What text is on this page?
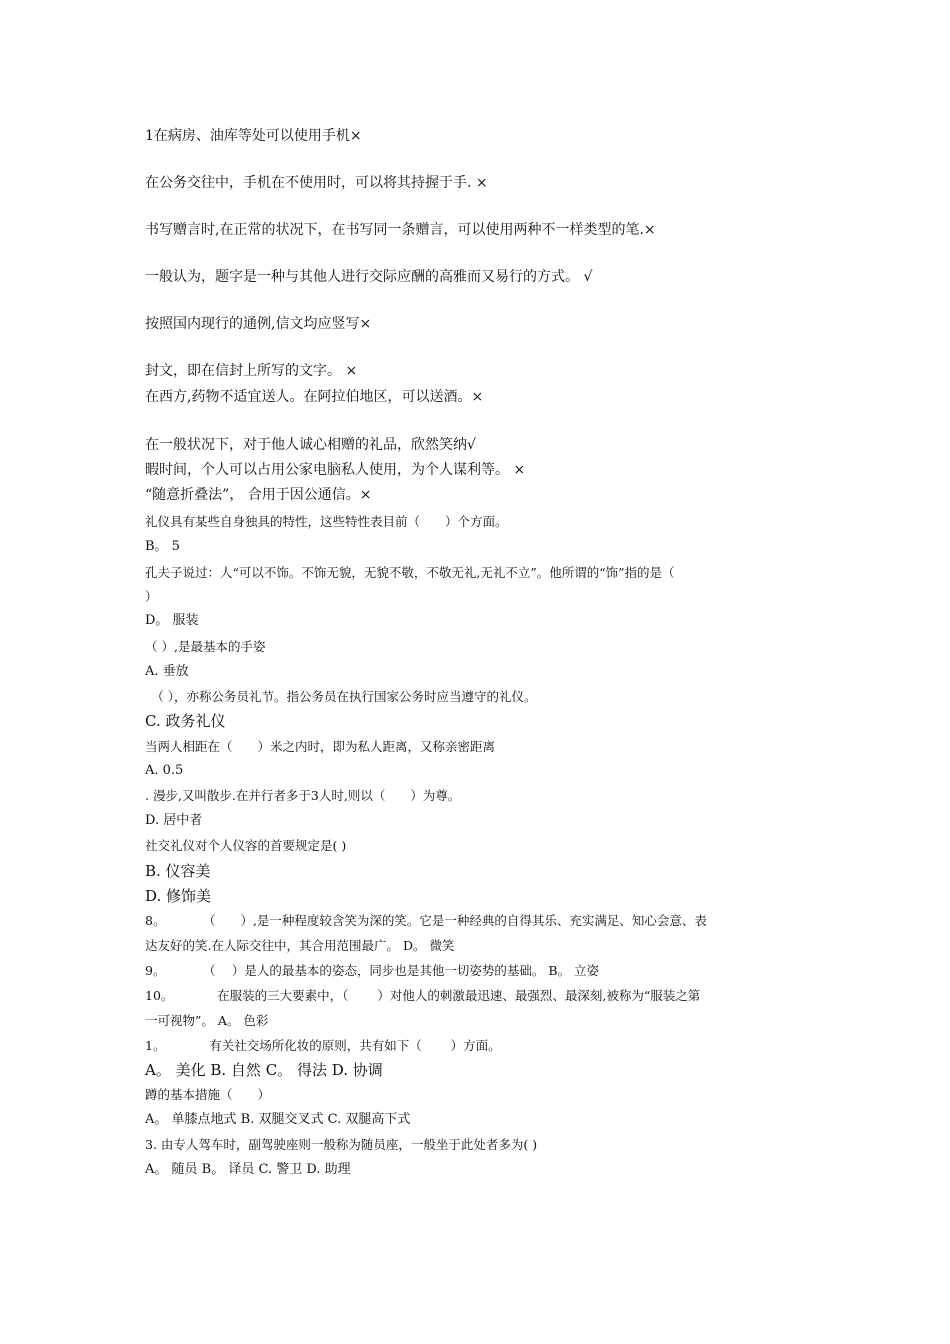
1在病房、油库等处可以使用手机×
在公务交往中，手机在不使用时，可以将其持握于手. ×
书写赠言时,在正常的状况下，在书写同一条赠言，可以使用两种不一样类型的笔.×
一般认为，题字是一种与其他人进行交际应酬的高雅而又易行的方式。 √
按照国内现行的通例,信文均应竖写×
封文，即在信封上所写的文字。 ×
在西方,药物不适宜送人。在阿拉伯地区，可以送酒。×
在一般状况下，对于他人诚心相赠的礼品，欣然笑纳√
暇时间，个人可以占用公家电脑私人使用，为个人谋利等。 ×
“随意折叠法”， 合用于因公通信。×
礼仪具有某些自身独具的特性，这些特性表目前（　　）个方面。
B。 5
孔夫子说过：人“可以不饰。不饰无貌，无貌不敬，不敬无礼,无礼不立”。他所谓的“饰”指的是（
）
D。 服装
（ ）,是最基本的手姿
A. 垂放
　（ ），亦称公务员礼节。指公务员在执行国家公务时应当遵守的礼仪。
C. 政务礼仪
当两人相距在（　　）米之内时，即为私人距离，又称亲密距离
A. 0.5
. 漫步,又叫散步.在并行者多于3人时,则以（　　）为尊。
D. 居中者
社交礼仪对个人仪容的首要规定是( )
B. 仪容美
D. 修饰美
8。　　　　（　　）,是一种程度较含笑为深的笑。它是一种经典的自得其乐、充实满足、知心会意、表
达友好的笑.在人际交往中，其合用范围最广。 D。 微笑
9。　　　　（　 ）是人的最基本的姿态，同步也是其他一切姿势的基础。 B。 立姿
10。　　　　在服装的三大要素中，（　　 ）对他人的刺激最迅速、最强烈、最深刻,被称为“服装之第
一可视物”。 A。 色彩
1。　　　　有关社交场所化妆的原则，共有如下（　　 ）方面。
A。 美化 B. 自然 C。 得法 D. 协调
蹲的基本措施（　　）
A。 单膝点地式 B. 双腿交叉式 C. 双腿高下式
3. 由专人驾车时，副驾驶座则一般称为随员座，一般坐于此处者多为( )
A。 随员 B。 译员 C. 警卫 D. 助理
